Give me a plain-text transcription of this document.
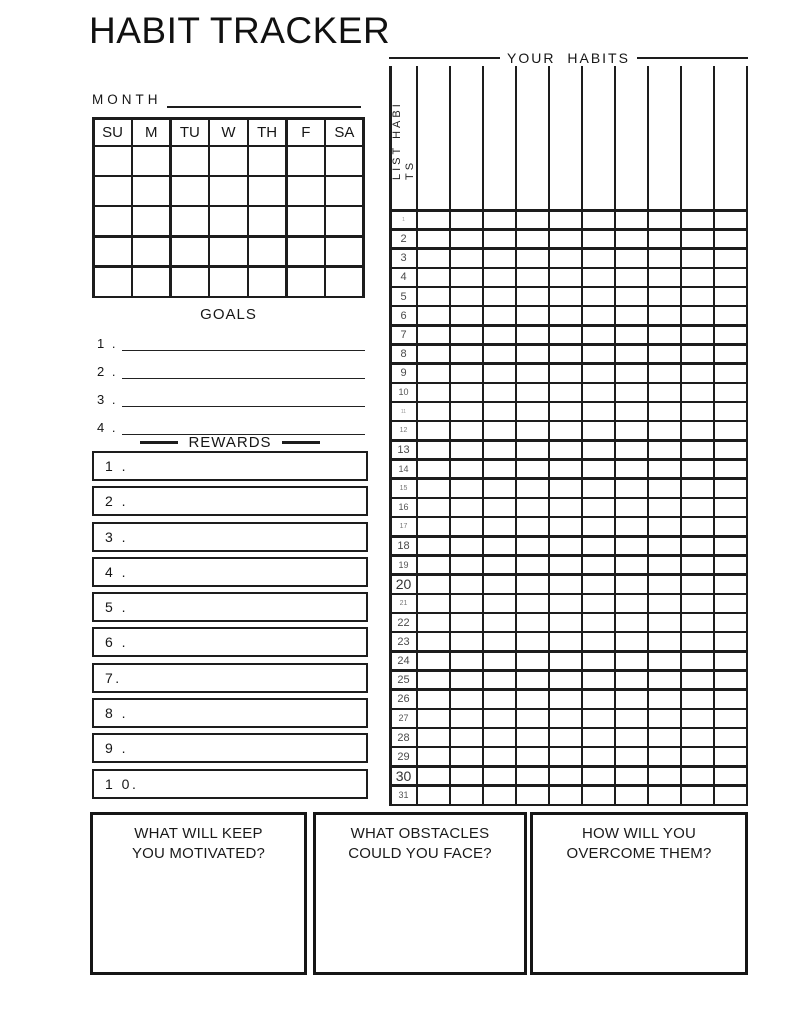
HABIT TRACKER
MONTH
SU	M	TU	W	TH	F	SA
GOALS
1 .
2 .
3 .
4 .
REWARDS
1 .
2 .
3 .
4 .
5 .
6 .
7.
8 .
9 .
1 0.
YOUR HABITS
LIST HABITS
1
2
3
4
5
6
7
8
9
10
11
12
13
14
15
16
17
18
19
20
21
22
23
24
25
26
27
28
29
30
31
WHAT WILL KEEP
YOU MOTIVATED?
WHAT OBSTACLES
COULD YOU FACE?
HOW WILL YOU
OVERCOME THEM?
